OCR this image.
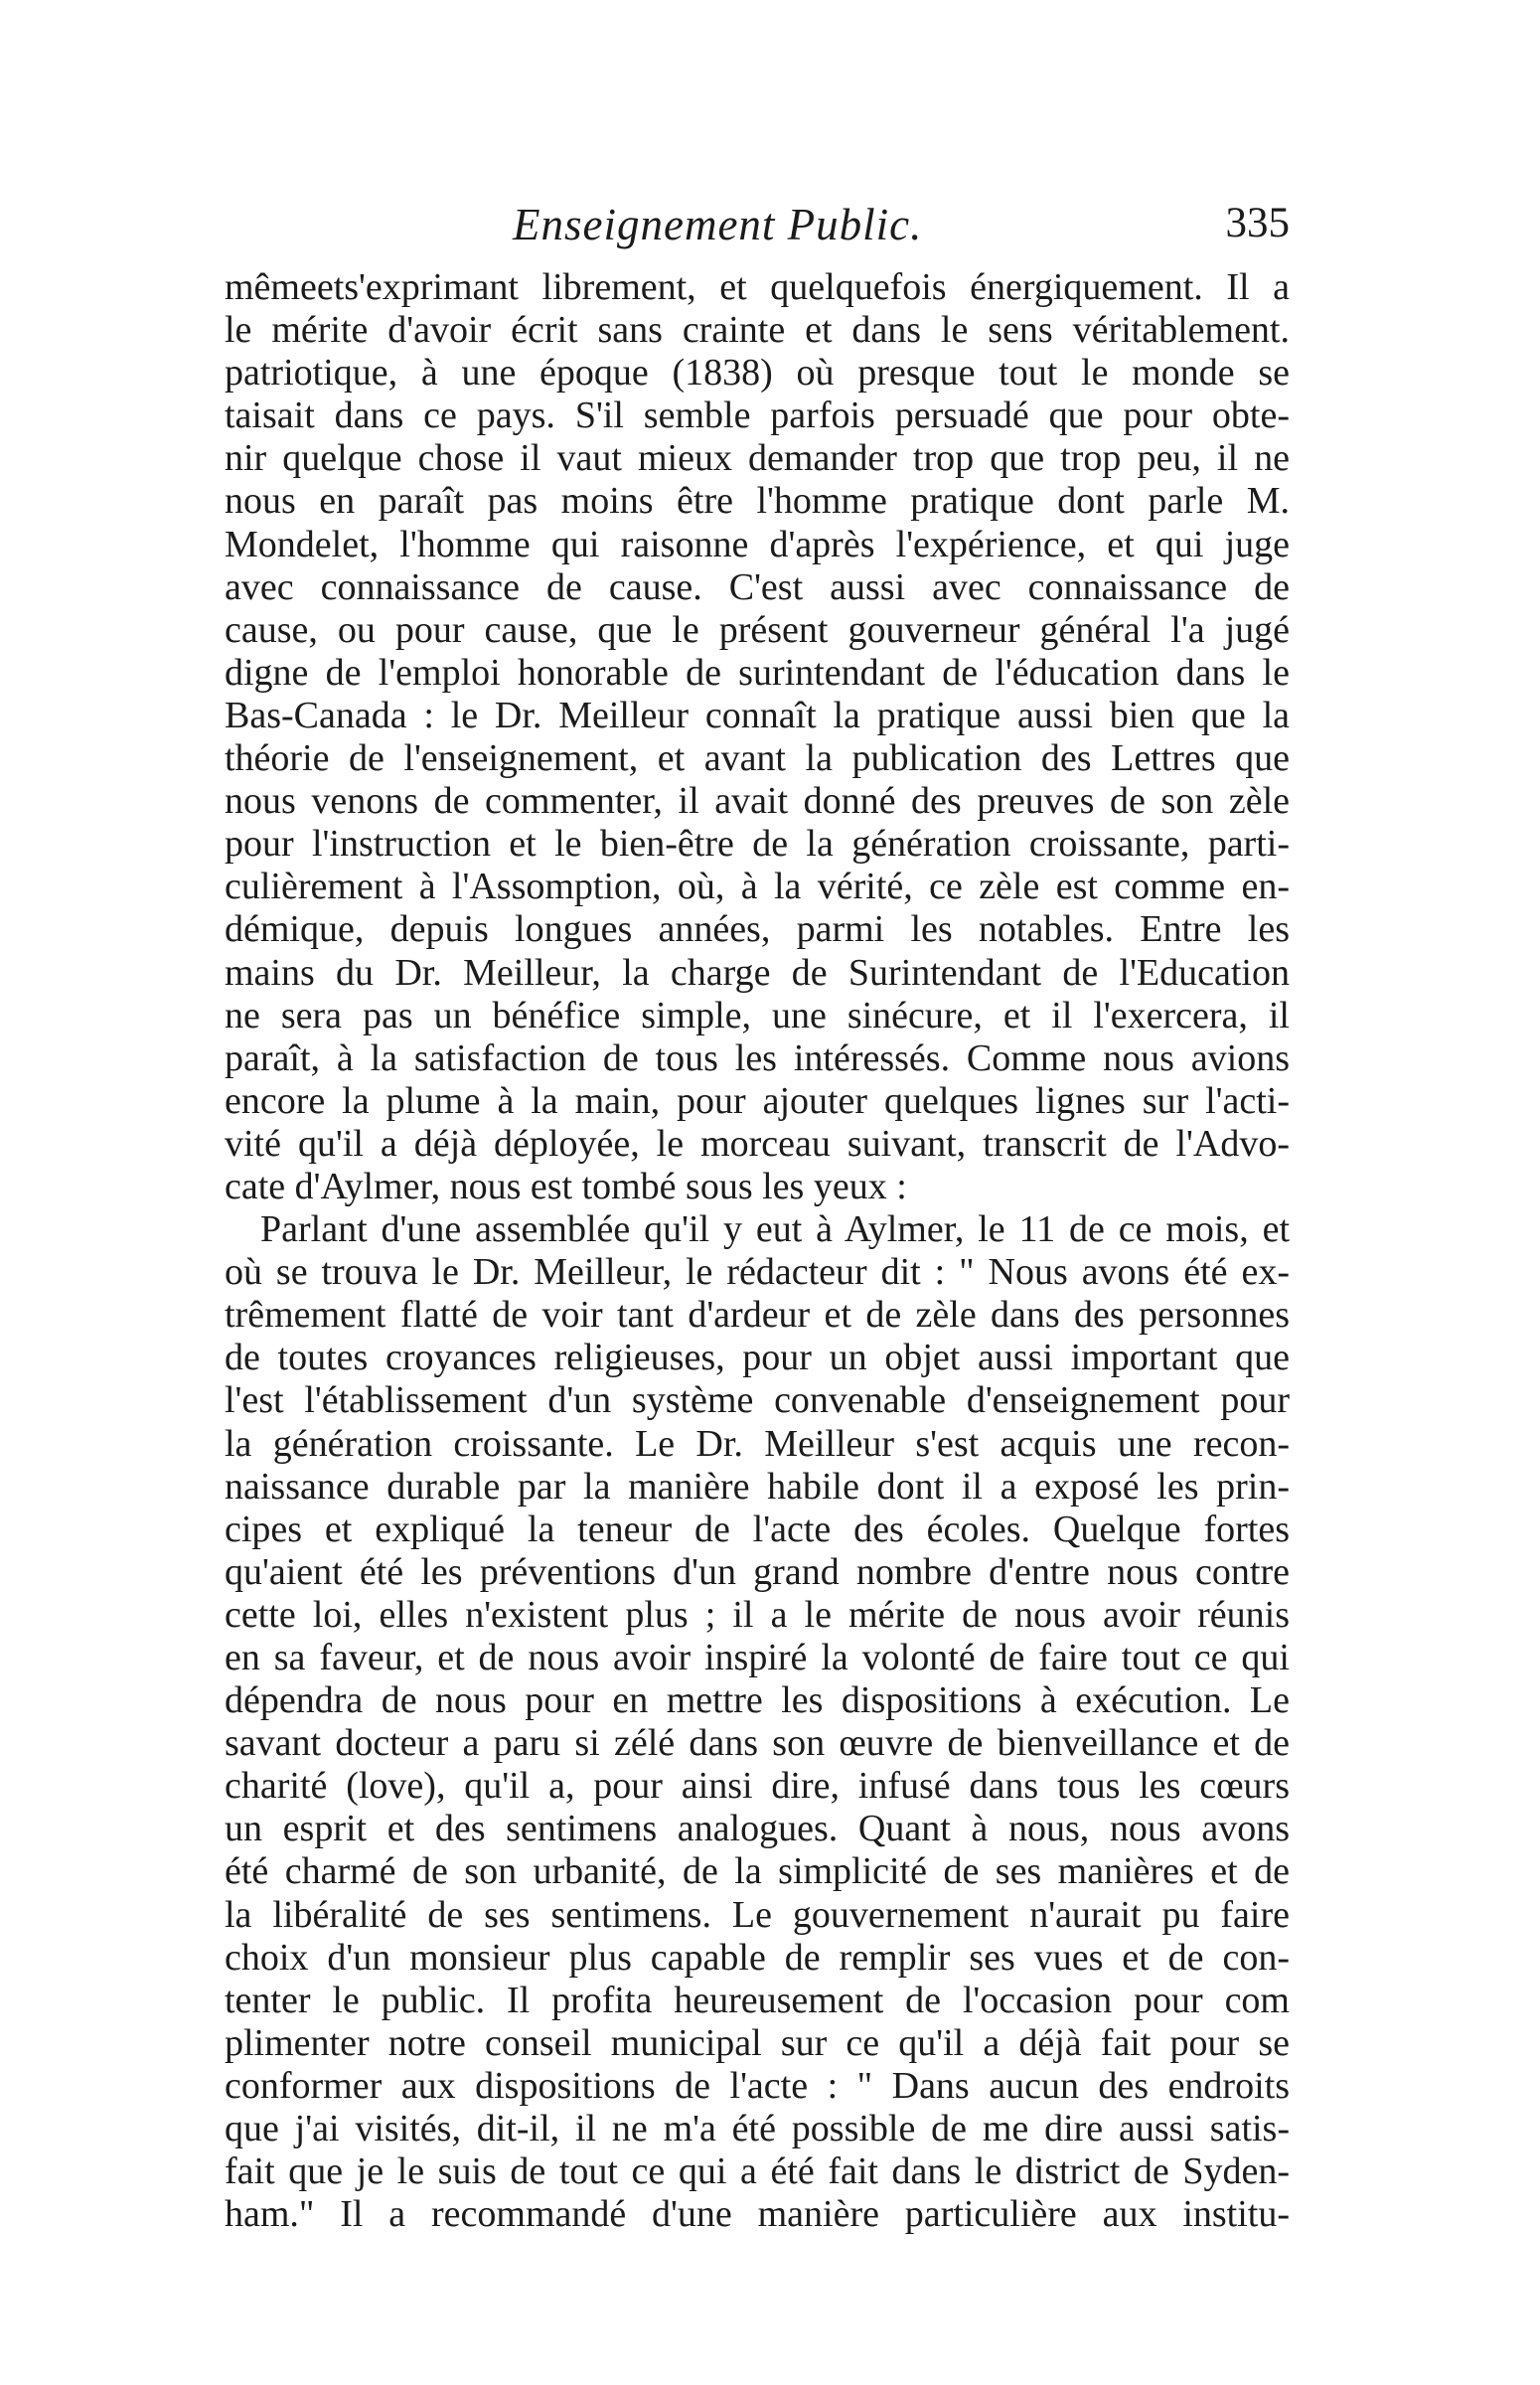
Enseignement Public.	335
mêmeets'exprimant librement, et quelquefois énergiquement. Il a
le mérite d'avoir écrit sans crainte et dans le sens véritablement.
patriotique, à une époque (1838) où presque tout le monde se
taisait dans ce pays. S'il semble parfois persuadé que pour obte-
nir quelque chose il vaut mieux demander trop que trop peu, il ne
nous en paraît pas moins être l'homme pratique dont parle M.
Mondelet, l'homme qui raisonne d'après l'expérience, et qui juge
avec connaissance de cause. C'est aussi avec connaissance de
cause, ou pour cause, que le présent gouverneur général l'a jugé
digne de l'emploi honorable de surintendant de l'éducation dans le
Bas-Canada : le Dr. Meilleur connaît la pratique aussi bien que la
théorie de l'enseignement, et avant la publication des Lettres que
nous venons de commenter, il avait donné des preuves de son zèle
pour l'instruction et le bien-être de la génération croissante, parti-
culièrement à l'Assomption, où, à la vérité, ce zèle est comme en-
démique, depuis longues années, parmi les notables. Entre les
mains du Dr. Meilleur, la charge de Surintendant de l'Education
ne sera pas un bénéfice simple, une sinécure, et il l'exercera, il
paraît, à la satisfaction de tous les intéressés. Comme nous avions
encore la plume à la main, pour ajouter quelques lignes sur l'acti-
vité qu'il a déjà déployée, le morceau suivant, transcrit de l'Advo-
cate d'Aylmer, nous est tombé sous les yeux :
Parlant d'une assemblée qu'il y eut à Aylmer, le 11 de ce mois, et
où se trouva le Dr. Meilleur, le rédacteur dit : " Nous avons été ex-
trêmement flatté de voir tant d'ardeur et de zèle dans des personnes
de toutes croyances religieuses, pour un objet aussi important que
l'est l'établissement d'un système convenable d'enseignement pour
la génération croissante. Le Dr. Meilleur s'est acquis une recon-
naissance durable par la manière habile dont il a exposé les prin-
cipes et expliqué la teneur de l'acte des écoles. Quelque fortes
qu'aient été les préventions d'un grand nombre d'entre nous contre
cette loi, elles n'existent plus ; il a le mérite de nous avoir réunis
en sa faveur, et de nous avoir inspiré la volonté de faire tout ce qui
dépendra de nous pour en mettre les dispositions à exécution. Le
savant docteur a paru si zélé dans son œuvre de bienveillance et de
charité (love), qu'il a, pour ainsi dire, infusé dans tous les cœurs
un esprit et des sentimens analogues. Quant à nous, nous avons
été charmé de son urbanité, de la simplicité de ses manières et de
la libéralité de ses sentimens. Le gouvernement n'aurait pu faire
choix d'un monsieur plus capable de remplir ses vues et de con-
tenter le public. Il profita heureusement de l'occasion pour com
plimenter notre conseil municipal sur ce qu'il a déjà fait pour se
conformer aux dispositions de l'acte : " Dans aucun des endroits
que j'ai visités, dit-il, il ne m'a été possible de me dire aussi satis-
fait que je le suis de tout ce qui a été fait dans le district de Syden-
ham." Il a recommandé d'une manière particulière aux institu-
